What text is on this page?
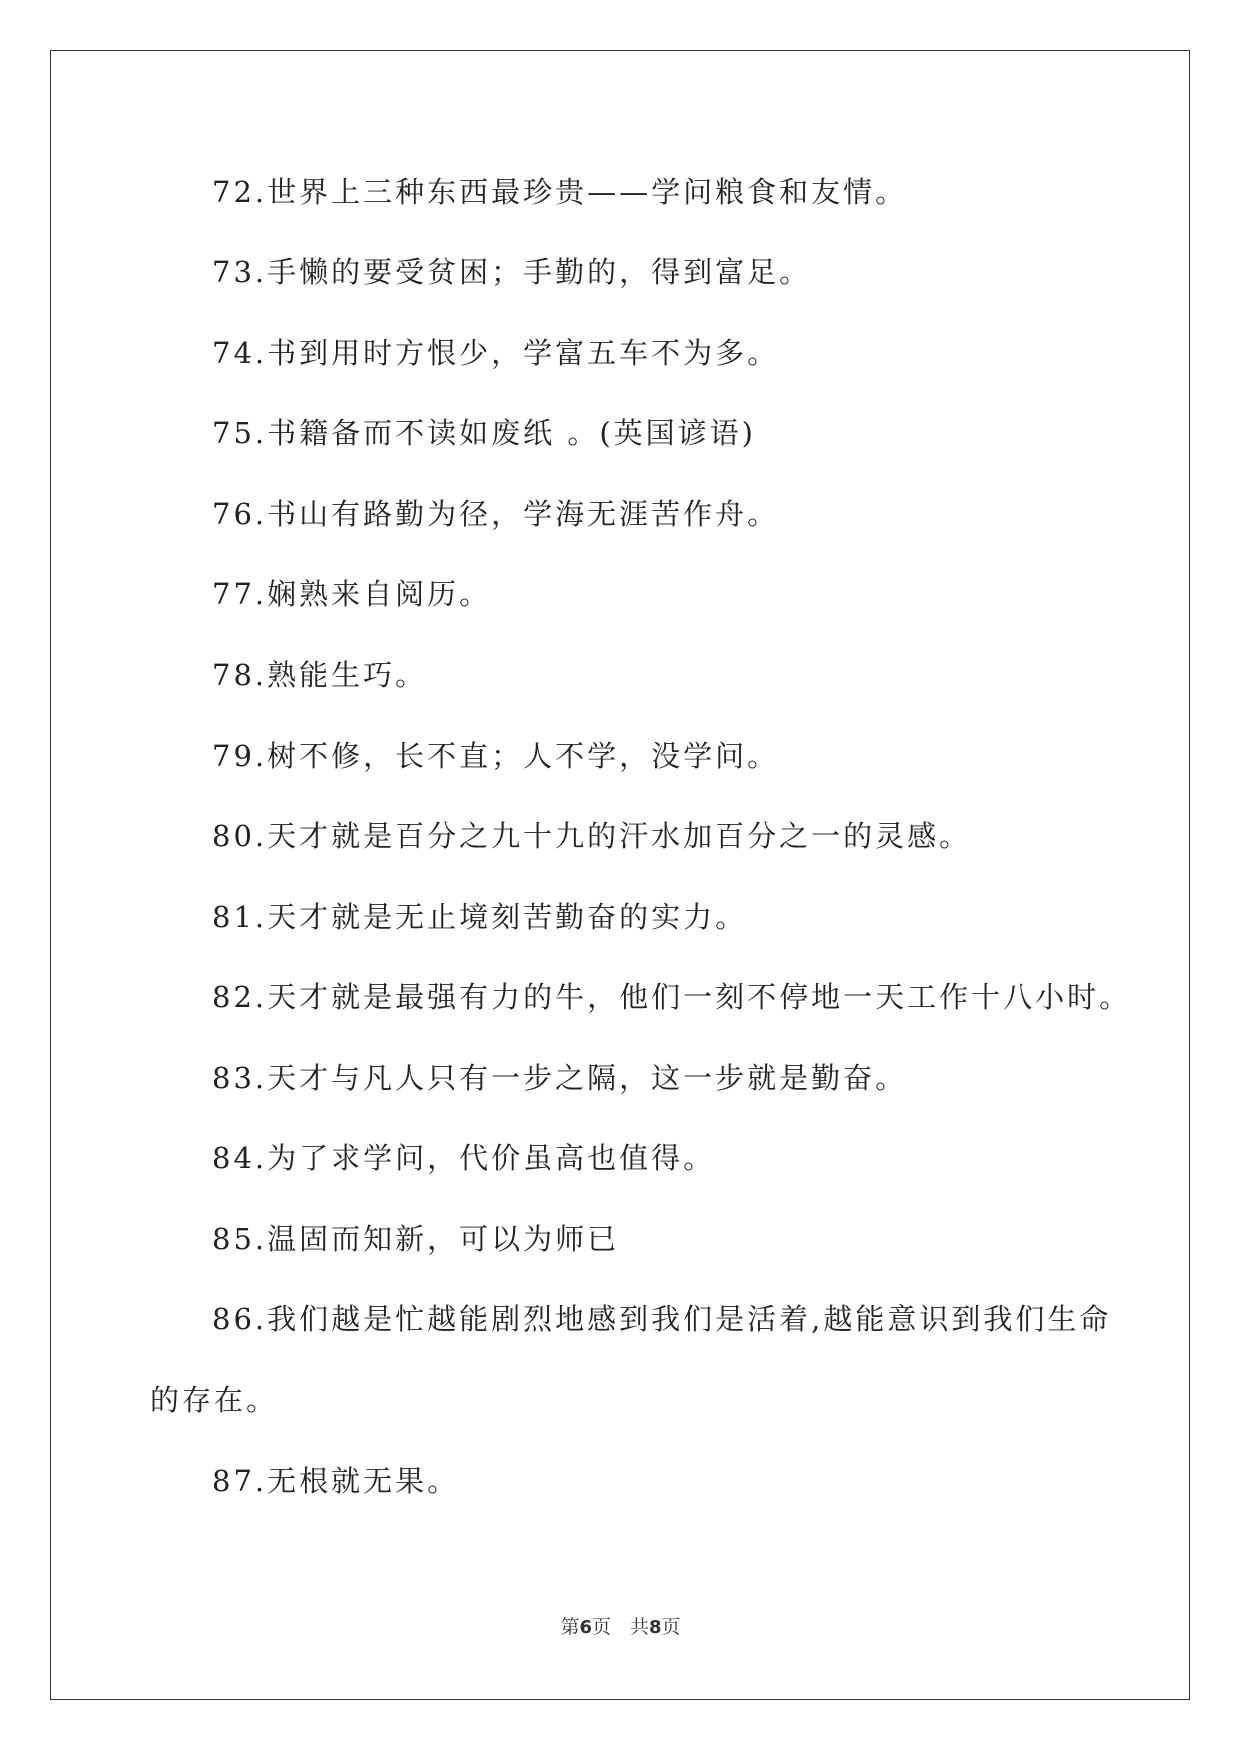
72.世界上三种东西最珍贵——学问粮食和友情。
73.手懒的要受贫困；手勤的，得到富足。
74.书到用时方恨少，学富五车不为多。
75.书籍备而不读如废纸 。(英国谚语)
76.书山有路勤为径，学海无涯苦作舟。
77.娴熟来自阅历。
78.熟能生巧。
79.树不修，长不直；人不学，没学问。
80.天才就是百分之九十九的汗水加百分之一的灵感。
81.天才就是无止境刻苦勤奋的实力。
82.天才就是最强有力的牛，他们一刻不停地一天工作十八小时。
83.天才与凡人只有一步之隔，这一步就是勤奋。
84.为了求学问，代价虽高也值得。
85.温固而知新，可以为师已
86.我们越是忙越能剧烈地感到我们是活着,越能意识到我们生命
的存在。
87.无根就无果。
第6页　共8页
